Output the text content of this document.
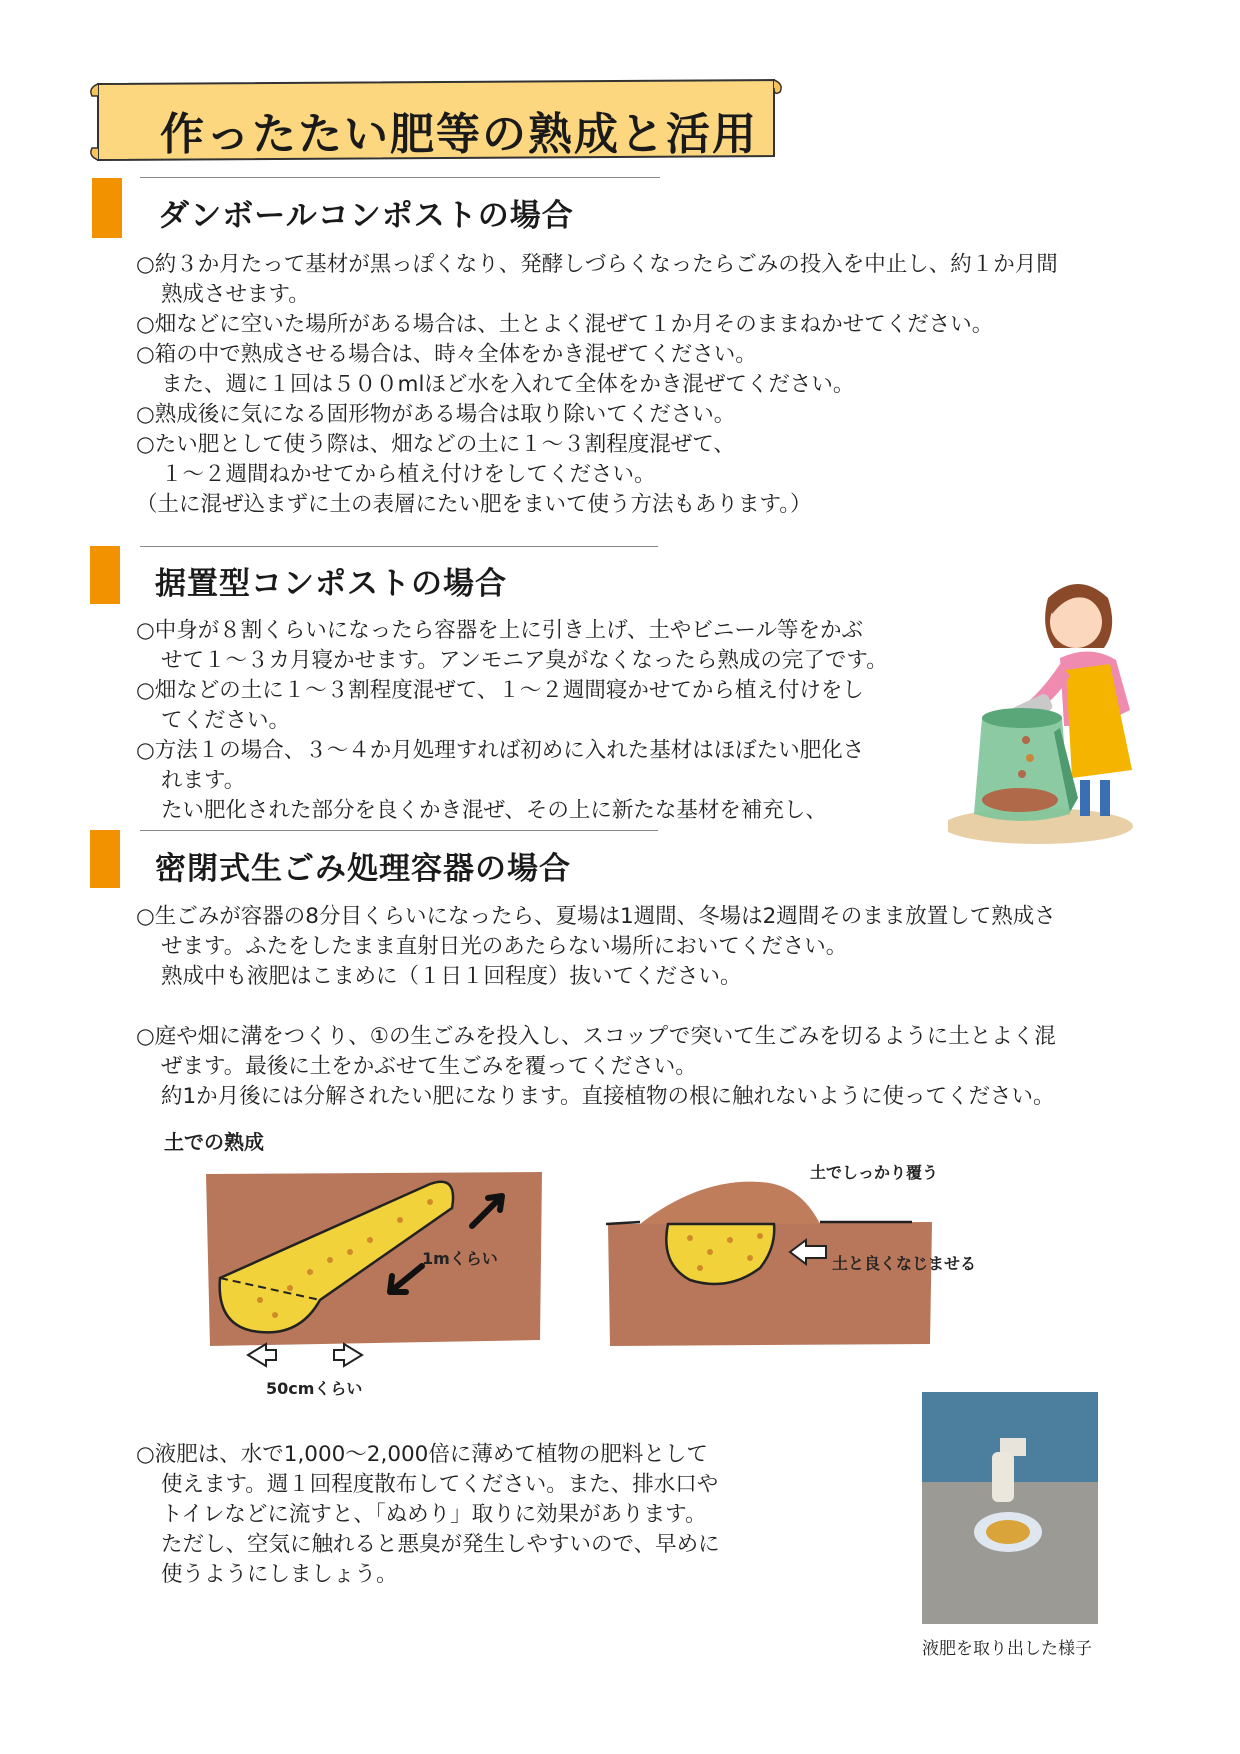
作ったたい肥等の熟成と活用
ダンボールコンポストの場合
○約３か月たって基材が黒っぽくなり、発酵しづらくなったらごみの投入を中止し、約１か月間
熟成させます。
○畑などに空いた場所がある場合は、土とよく混ぜて１か月そのままねかせてください。
○箱の中で熟成させる場合は、時々全体をかき混ぜてください。
また、週に１回は５００mlほど水を入れて全体をかき混ぜてください。
○熟成後に気になる固形物がある場合は取り除いてください。
○たい肥として使う際は、畑などの土に１～３割程度混ぜて、
１～２週間ねかせてから植え付けをしてください。
（土に混ぜ込まずに土の表層にたい肥をまいて使う方法もあります。）
据置型コンポストの場合
○中身が８割くらいになったら容器を上に引き上げ、土やビニール等をかぶ
せて１～３カ月寝かせます。アンモニア臭がなくなったら熟成の完了です。
○畑などの土に１～３割程度混ぜて、１～２週間寝かせてから植え付けをし
てください。
○方法１の場合、３～４か月処理すれば初めに入れた基材はほぼたい肥化さ
れます。
たい肥化された部分を良くかき混ぜ、その上に新たな基材を補充し、
密閉式生ごみ処理容器の場合
○生ごみが容器の8分目くらいになったら、夏場は1週間、冬場は2週間そのまま放置して熟成さ
せます。ふたをしたまま直射日光のあたらない場所においてください。
熟成中も液肥はこまめに（１日１回程度）抜いてください。
○庭や畑に溝をつくり、①の生ごみを投入し、スコップで突いて生ごみを切るように土とよく混
ぜます。最後に土をかぶせて生ごみを覆ってください。
約1か月後には分解されたい肥になります。直接植物の根に触れないように使ってください。
土での熟成
1mくらい
50cmくらい
土でしっかり覆う
土と良くなじませる
○液肥は、水で1,000～2,000倍に薄めて植物の肥料として
使えます。週１回程度散布してください。また、排水口や
トイレなどに流すと、「ぬめり」取りに効果があります。
ただし、空気に触れると悪臭が発生しやすいので、早めに
使うようにしましょう。
液肥を取り出した様子
